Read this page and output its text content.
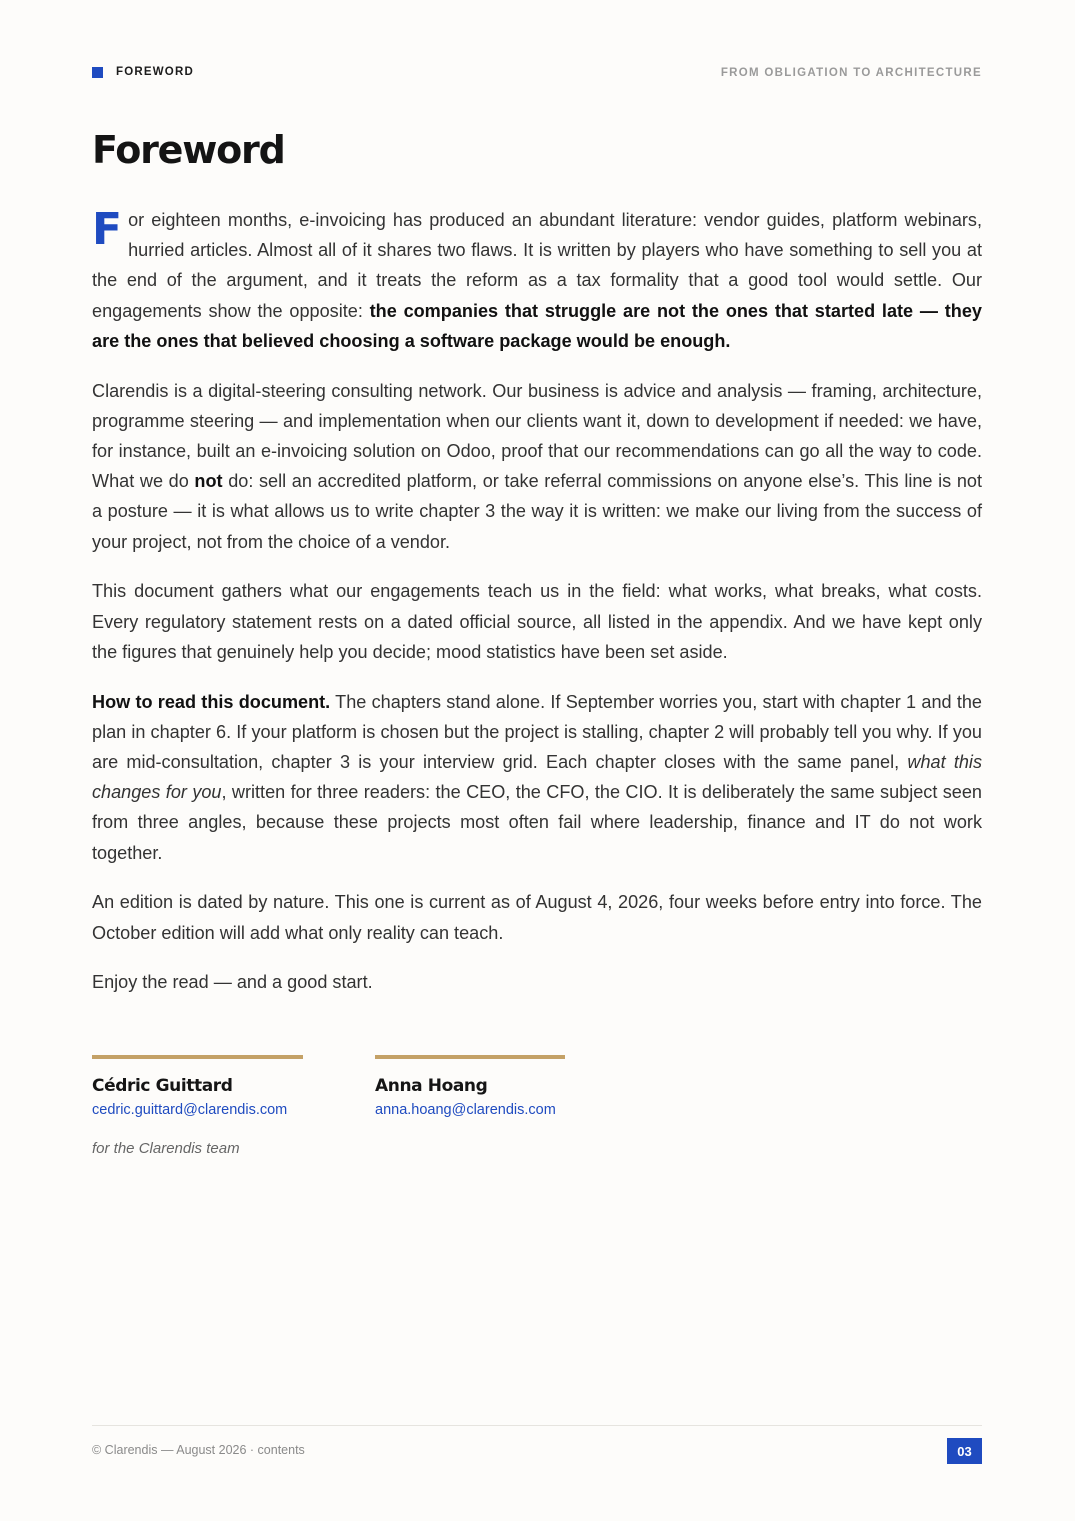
FOREWORD	FROM OBLIGATION TO ARCHITECTURE
Foreword

For eighteen months, e-invoicing has produced an abundant literature: vendor guides, platform webinars, hurried articles. Almost all of it shares two flaws. It is written by players who have something to sell you at the end of the argument, and it treats the reform as a tax formality that a good tool would settle. Our engagements show the opposite: the companies that struggle are not the ones that started late — they are the ones that believed choosing a software package would be enough.

Clarendis is a digital-steering consulting network. Our business is advice and analysis — framing, architecture, programme steering — and implementation when our clients want it, down to development if needed: we have, for instance, built an e-invoicing solution on Odoo, proof that our recommendations can go all the way to code. What we do not do: sell an accredited platform, or take referral commissions on anyone else’s. This line is not a posture — it is what allows us to write chapter 3 the way it is written: we make our living from the success of your project, not from the choice of a vendor.

This document gathers what our engagements teach us in the field: what works, what breaks, what costs. Every regulatory statement rests on a dated official source, all listed in the appendix. And we have kept only the figures that genuinely help you decide; mood statistics have been set aside.

How to read this document. The chapters stand alone. If September worries you, start with chapter 1 and the plan in chapter 6. If your platform is chosen but the project is stalling, chapter 2 will probably tell you why. If you are mid-consultation, chapter 3 is your interview grid. Each chapter closes with the same panel, what this changes for you, written for three readers: the CEO, the CFO, the CIO. It is deliberately the same subject seen from three angles, because these projects most often fail where leadership, finance and IT do not work together.

An edition is dated by nature. This one is current as of August 4, 2026, four weeks before entry into force. The October edition will add what only reality can teach.

Enjoy the read — and a good start.

Cédric Guittard
cedric.guittard@clarendis.com
Anna Hoang
anna.hoang@clarendis.com
for the Clarendis team
© Clarendis — August 2026 · contents	03
